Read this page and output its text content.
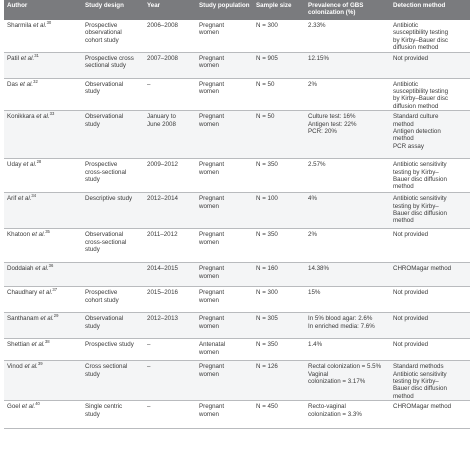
Author	Study design	Year	Study population	Sample size	Prevalence of GBS colonization (%)	Detection method
Sharmila et al.$^{30}$	Prospective
observational
cohort study	2006–2008	Pregnant
women	N = 300	2.33%	Antibiotic
susceptibility testing
by Kirby–Bauer disc
diffusion method

Patil et al.$^{31}$	Prospective cross
sectional study	2007–2008	Pregnant
women	N = 905	12.15%	Not provided

Das et al.$^{32}$	Observational
study	–	Pregnant
women	N = 50	2%	Antibiotic
susceptibility testing
by Kirby–Bauer disc
diffusion method

Konikkara et al.$^{33}$	Observational
study	January to
June 2008	Pregnant
women	N = 50	Culture test: 16%
Antigen test: 22%
PCR: 20%	Standard culture
method
Antigen detection
method
PCR assay

Uday et al.$^{28}$	Prospective
cross-sectional study	2009–2012	Pregnant
women	N = 350	2.57%	Antibiotic sensitivity
testing by Kirby–
Bauer disc diffusion
method

Arif et al.$^{34}$	Descriptive study	2012–2014	Pregnant
women	N = 100	4%	Antibiotic sensitivity
testing by Kirby–
Bauer disc diffusion
method

Khatoon et al.$^{35}$	Observational
cross-sectional
study	2011–2012	Pregnant
women	N = 350	2%	Not provided

Doddaiah et al.$^{36}$		2014–2015	Pregnant
women	N = 160	14.38%	CHROMagar method

Chaudhary et al.$^{37}$	Prospective
cohort study	2015–2016	Pregnant
women	N = 300	15%	Not provided

Santhanam et al.$^{29}$	Observational
study	2012–2013	Pregnant
women	N = 305	In 5% blood agar: 2.6%
In enriched media: 7.6%	Not provided

Shettian et al.$^{38}$	Prospective study	–	Antenatal
women	N = 350	1.4%	Not provided

Vinod et al.$^{39}$	Cross sectional
study	–	Pregnant
women	N = 126	Rectal colonization = 5.5%
Vaginal
colonization = 3.17%	Standard methods
Antibiotic sensitivity
testing by Kirby–
Bauer disc diffusion
method

Goel et al.$^{40}$	Single centric
study	–	Pregnant
women	N = 450	Recto-vaginal
colonization = 3.3%	CHROMagar method
